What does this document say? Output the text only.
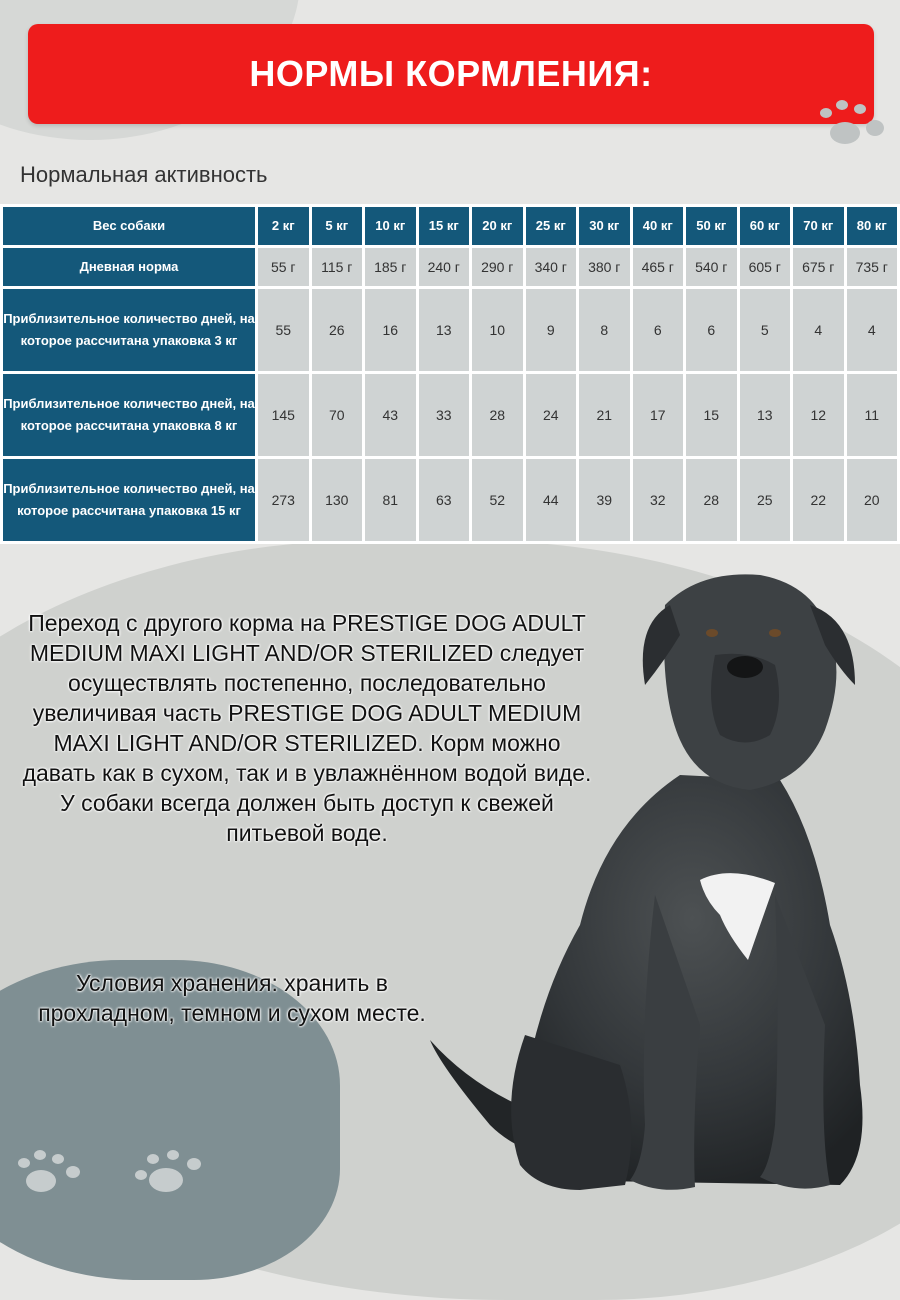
НОРМЫ КОРМЛЕНИЯ:
Нормальная активность
Вес собаки	2 кг	5 кг	10 кг	15 кг	20 кг	25 кг	30 кг	40 кг	50 кг	60 кг	70 кг	80 кг
Дневная норма	55 г	115 г	185 г	240 г	290 г	340 г	380 г	465 г	540 г	605 г	675 г	735 г
Приблизительное количество дней, на которое рассчитана упаковка 3 кг	55	26	16	13	10	9	8	6	6	5	4	4
Приблизительное количество дней, на которое рассчитана упаковка 8 кг	145	70	43	33	28	24	21	17	15	13	12	11
Приблизительное количество дней, на которое рассчитана упаковка 15 кг	273	130	81	63	52	44	39	32	28	25	22	20
Переход с другого корма на PRESTIGE DOG ADULT MEDIUM MAXI LIGHT AND/OR STERILIZED следует осуществлять постепенно, последовательно увеличивая часть PRESTIGE DOG ADULT MEDIUM MAXI LIGHT AND/OR STERILIZED. Корм можно давать как в сухом, так и в увлажнённом водой виде. У собаки всегда должен быть доступ к свежей питьевой воде.
Условия хранения: хранить в прохладном, темном и сухом месте.
